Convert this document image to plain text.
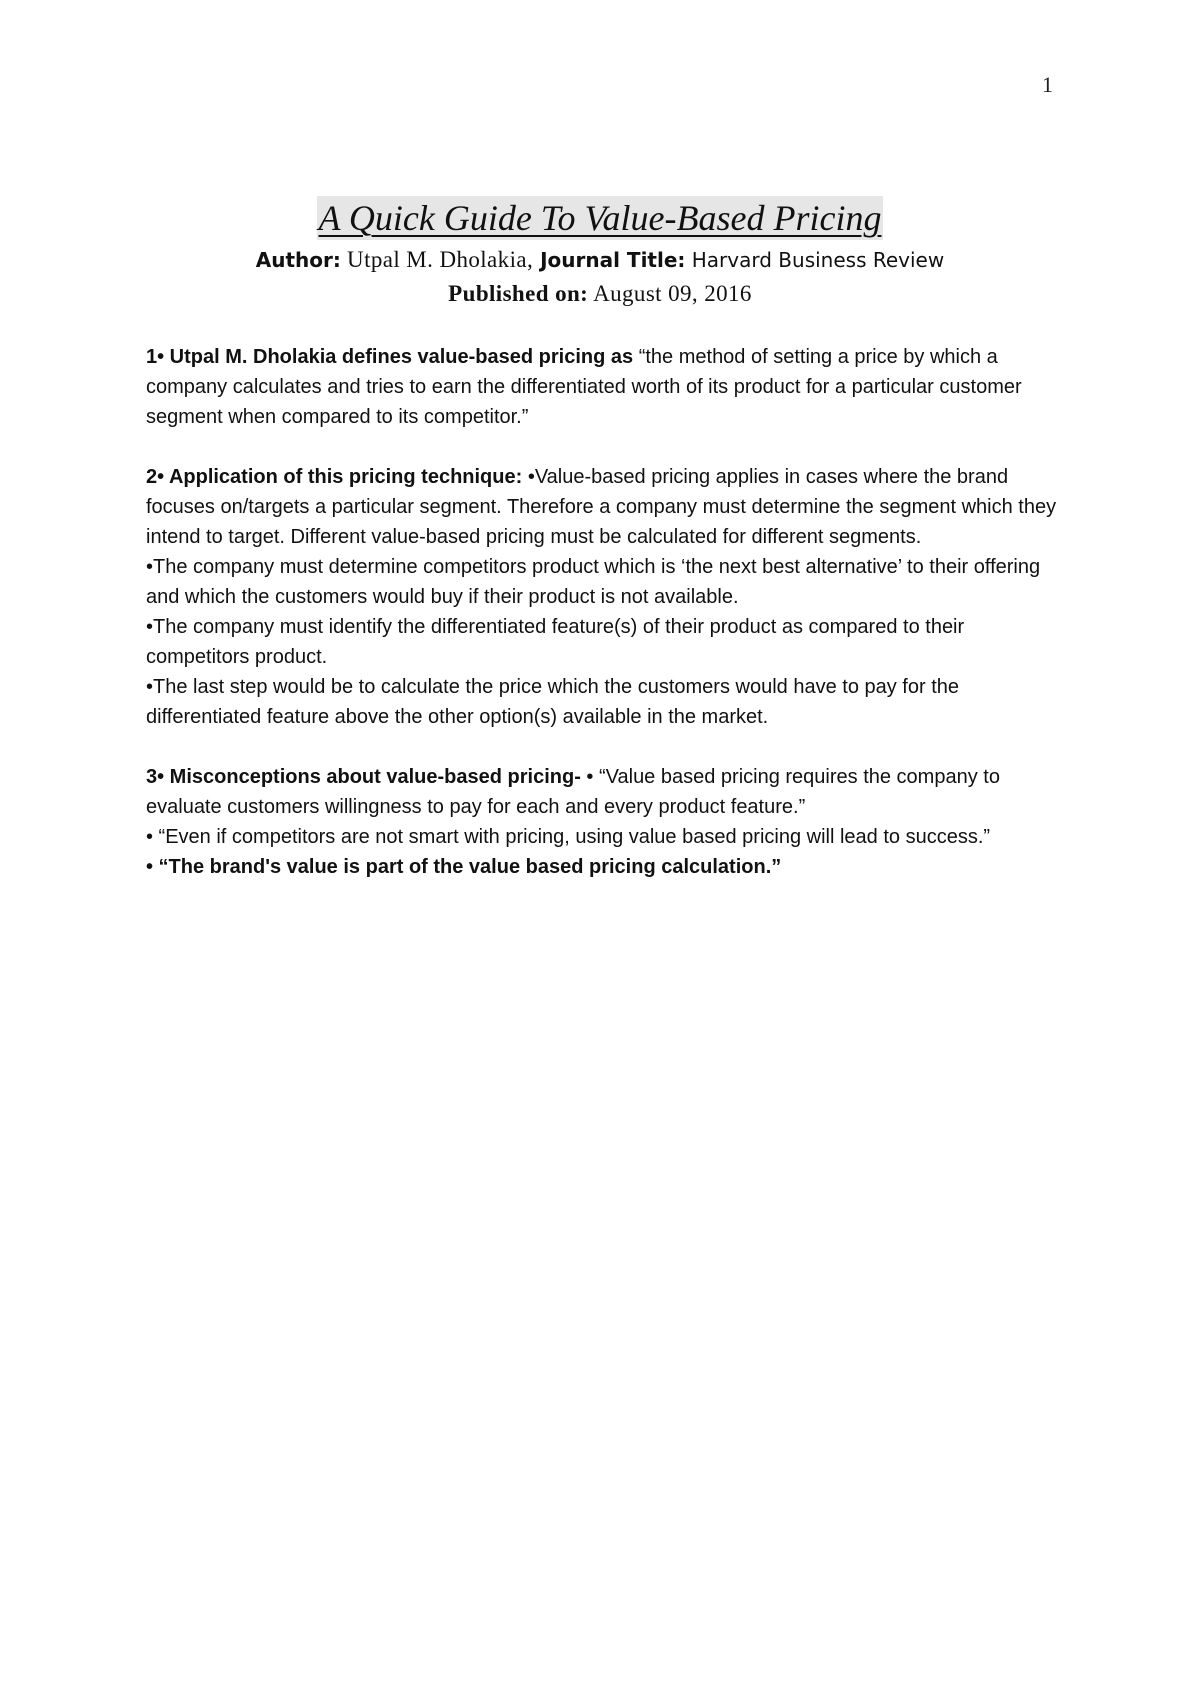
1
A Quick Guide To Value-Based Pricing
Author: Utpal M. Dholakia, Journal Title: Harvard Business Review
Published on: August 09, 2016

1• Utpal M. Dholakia defines value-based pricing as “the method of setting a price by which a company calculates and tries to earn the differentiated worth of its product for a particular customer segment when compared to its competitor.”

2• Application of this pricing technique: •Value-based pricing applies in cases where the brand focuses on/targets a particular segment. Therefore a company must determine the segment which they intend to target. Different value-based pricing must be calculated for different segments.

•The company must determine competitors product which is ‘the next best alternative’ to their offering and which the customers would buy if their product is not available.

•The company must identify the differentiated feature(s) of their product as compared to their competitors product.

•The last step would be to calculate the price which the customers would have to pay for the differentiated feature above the other option(s) available in the market.

3• Misconceptions about value-based pricing- • “Value based pricing requires the company to evaluate customers willingness to pay for each and every product feature.”

• “Even if competitors are not smart with pricing, using value based pricing will lead to success.”

• “The brand's value is part of the value based pricing calculation.”
